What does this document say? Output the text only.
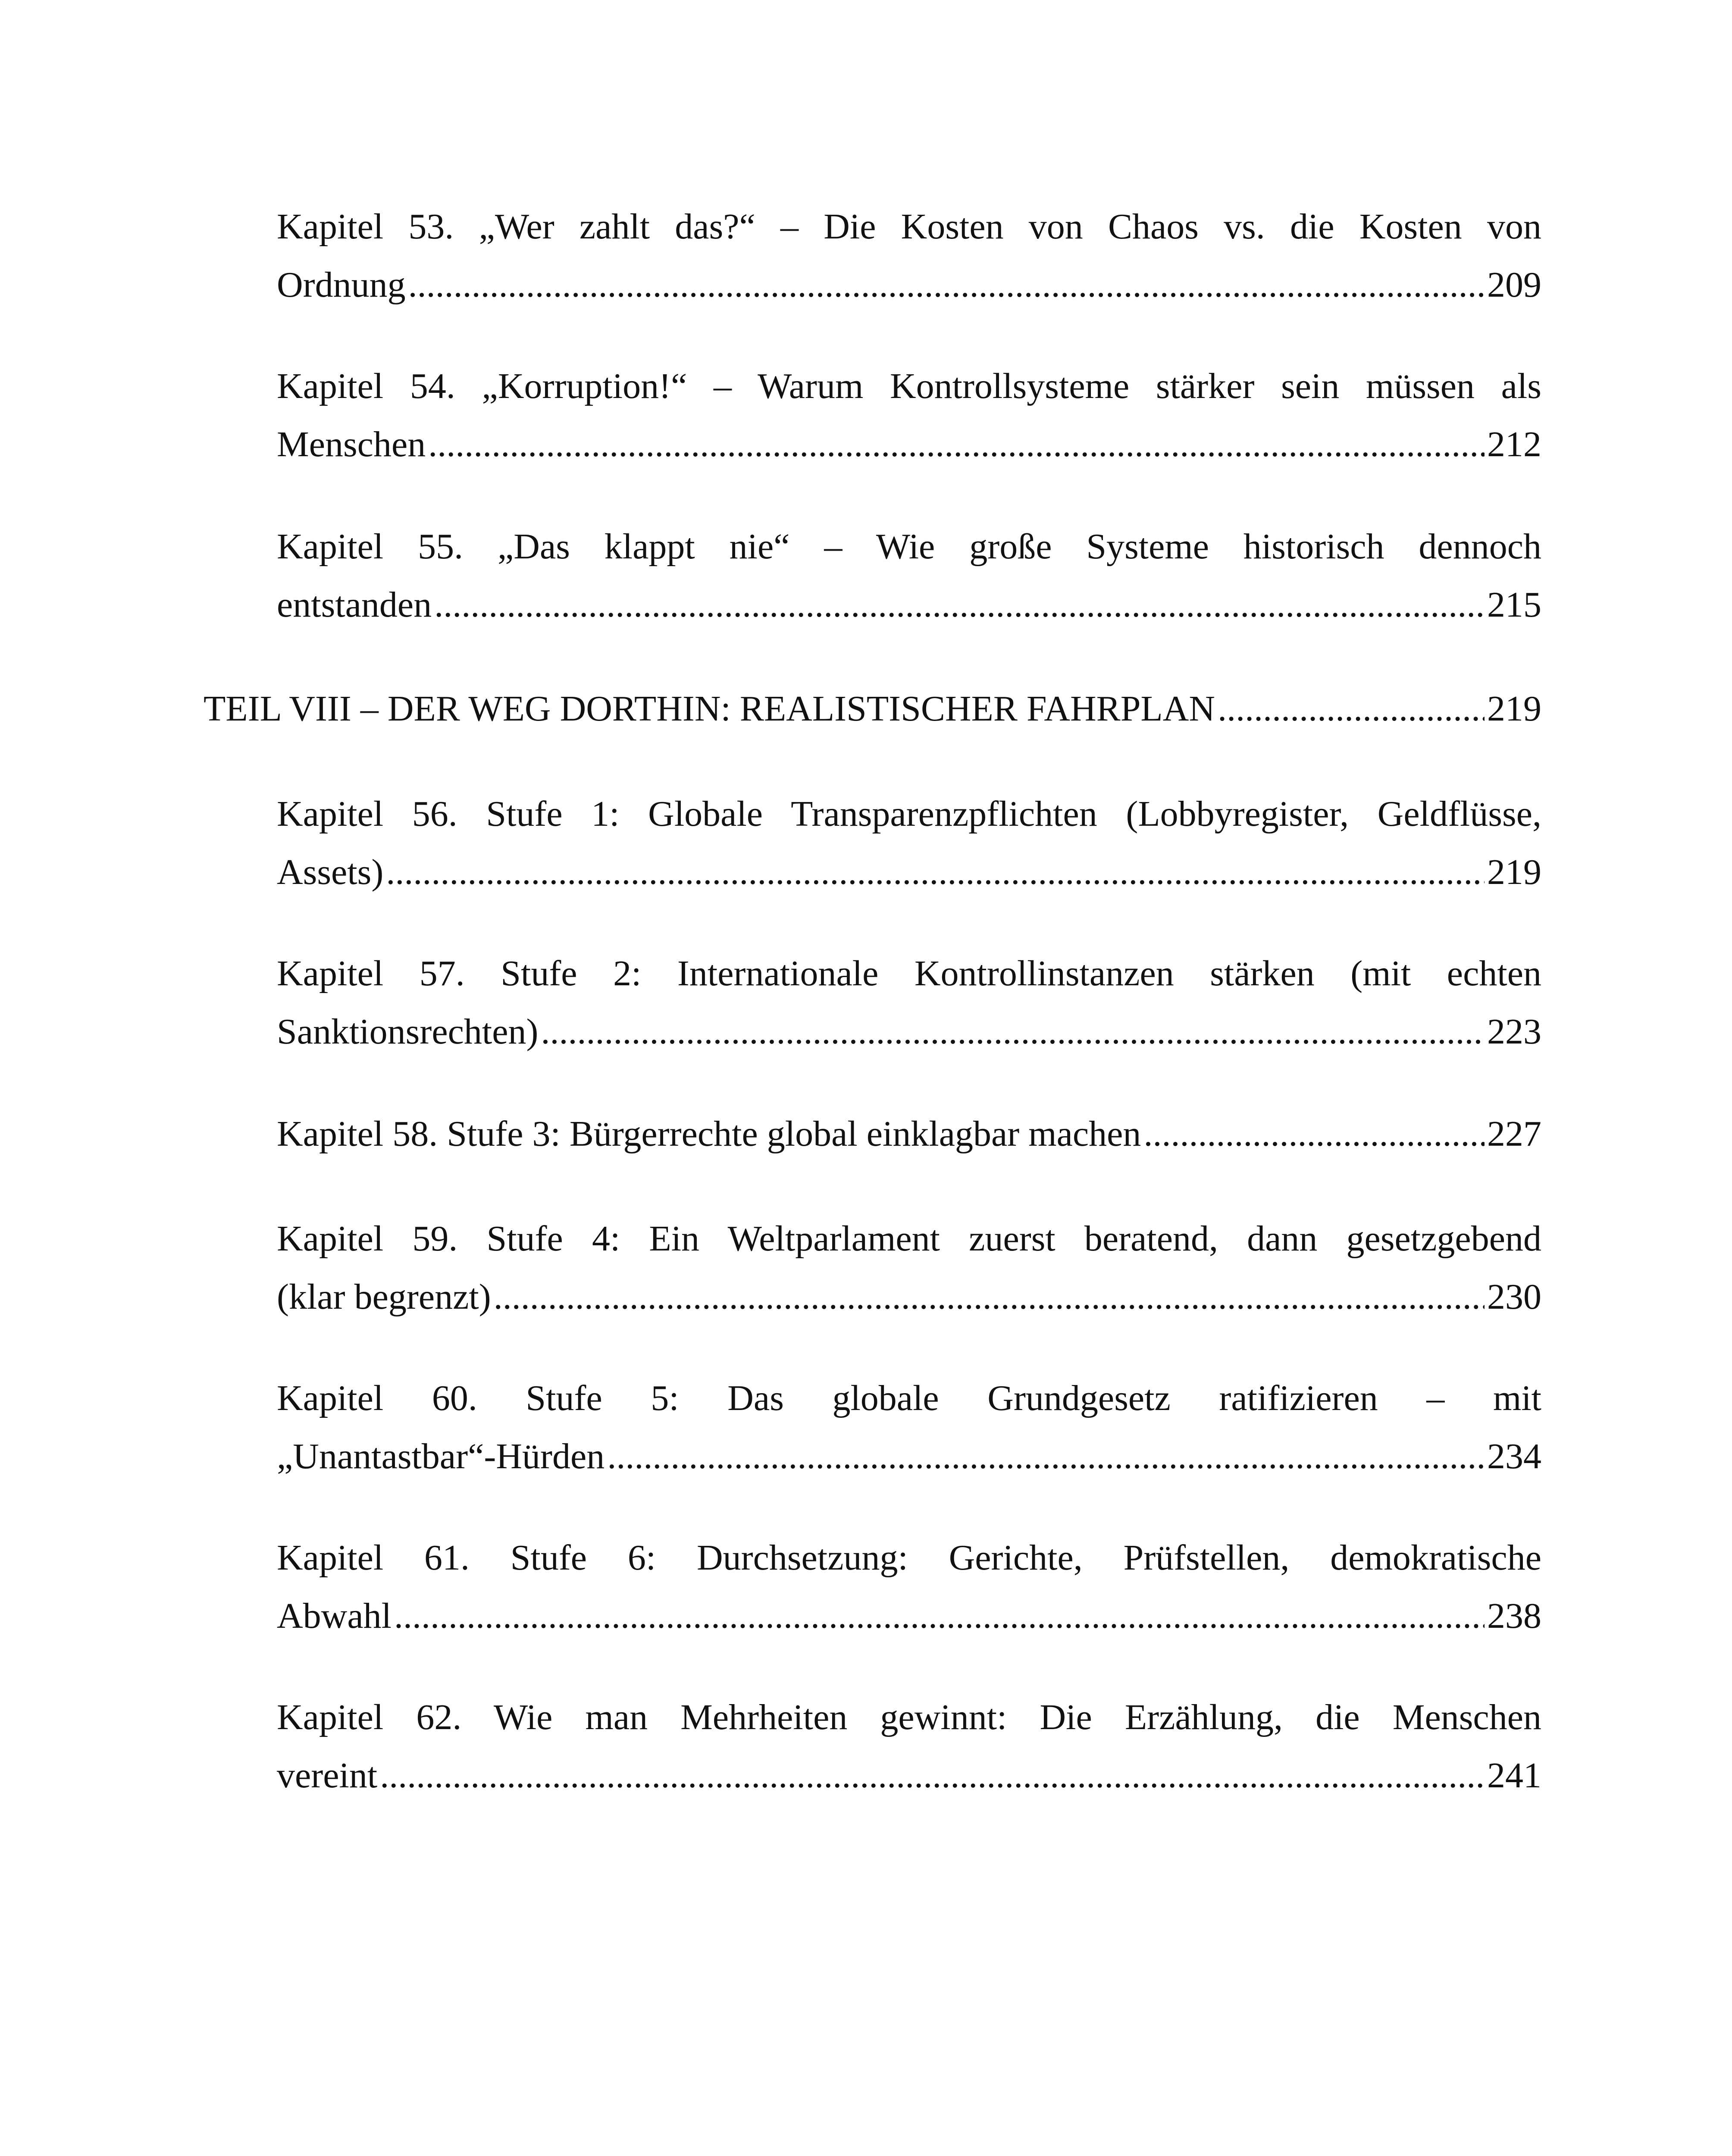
Kapitel 53. „Wer zahlt das?“ – Die Kosten von Chaos vs. die Kosten von
Ordnung .....	209
Kapitel 54. „Korruption!“ – Warum Kontrollsysteme stärker sein müssen als
Menschen .....	212
Kapitel 55. „Das klappt nie“ – Wie große Systeme historisch dennoch
entstanden .....	215
TEIL VIII – DER WEG DORTHIN: REALISTISCHER FAHRPLAN .....	219
Kapitel 56. Stufe 1: Globale Transparenzpflichten (Lobbyregister, Geldflüsse,
Assets) .....	219
Kapitel 57. Stufe 2: Internationale Kontrollinstanzen stärken (mit echten
Sanktionsrechten) .....	223
Kapitel 58. Stufe 3: Bürgerrechte global einklagbar machen .....	227
Kapitel 59. Stufe 4: Ein Weltparlament zuerst beratend, dann gesetzgebend
(klar begrenzt) .....	230
Kapitel 60. Stufe 5: Das globale Grundgesetz ratifizieren – mit
„Unantastbar“-Hürden .....	234
Kapitel 61. Stufe 6: Durchsetzung: Gerichte, Prüfstellen, demokratische
Abwahl .....	238
Kapitel 62. Wie man Mehrheiten gewinnt: Die Erzählung, die Menschen
vereint .....	241
